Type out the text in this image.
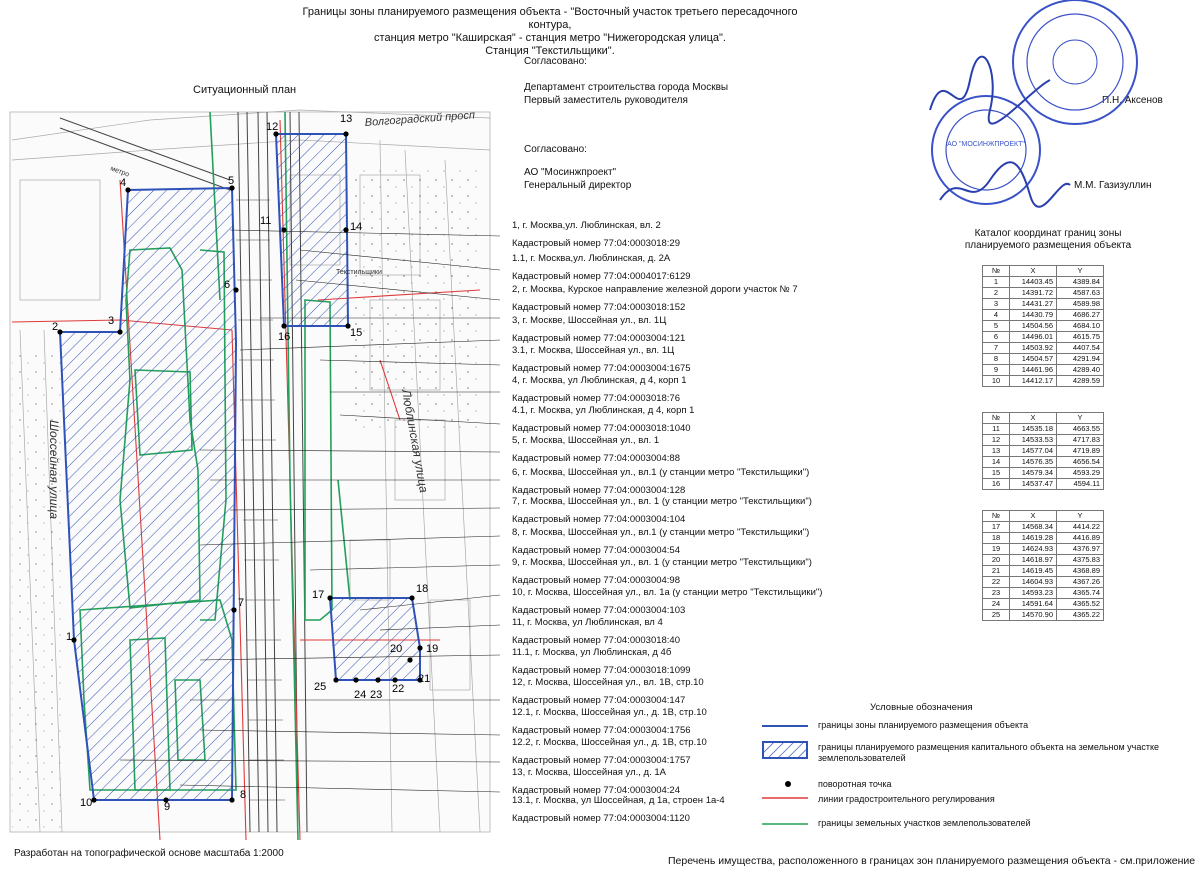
Границы зоны планируемого размещения объекта - "Восточный участок третьего пересадочного контура,
станция метро "Каширская" - станция метро "Нижегородская улица".
Станция "Текстильщики".
Ситуационный план
Волгоградский просп
Шоссейная улица	Люблинская улица
Текстильщики
метро
1
2	3
4	5
6
7
8
9
10
11
12
13
14
15
16
17	18
19
20
21
22
23
24
25
Согласовано:
Департамент строительства города Москвы
Первый заместитель руководителя	П.Н. Аксенов
Согласовано:
АО "Мосинжпроект"
Генеральный директор	М.М. Газизуллин
АО "МОСИНЖПРОЕКТ"
1, г. Москва,ул. Люблинская, вл. 2
Кадастровый номер 77:04:0003018:29
1.1, г. Москва,ул. Люблинская, д. 2А
Кадастровый номер 77:04:0004017:6129
2, г. Москва, Курское направление железной дороги участок № 7
Кадастровый номер 77:04:0003018:152
3, г. Москве, Шоссейная ул., вл. 1Ц
Кадастровый номер 77:04:0003004:121
3.1, г. Москва, Шоссейная ул., вл. 1Ц
Кадастровый номер 77:04:0003004:1675
4, г. Москва, ул Люблинская, д 4, корп 1
Кадастровый номер 77:04:0003018:76
4.1, г. Москва, ул Люблинская, д 4, корп 1
Кадастровый номер 77:04:0003018:1040
5, г. Москва, Шоссейная ул., вл. 1
Кадастровый номер 77:04:0003004:88
6, г. Москва, Шоссейная ул., вл.1 (у станции метро "Текстильщики")
Кадастровый номер 77:04:0003004:128
7, г. Москва, Шоссейная ул., вл. 1 (у станции метро "Текстильщики")
Кадастровый номер 77:04:0003004:104
8, г. Москва, Шоссейная ул., вл.1 (у станции метро "Текстильщики")
Кадастровый номер 77:04:0003004:54
9, г. Москва, Шоссейная ул., вл. 1 (у станции метро "Текстильщики")
Кадастровый номер 77:04:0003004:98
10, г. Москва, Шоссейная ул., вл. 1а (у станции метро "Текстильщики")
Кадастровый номер 77:04:0003004:103
11, г. Москва, ул Люблинская, вл 4
Кадастровый номер 77:04:0003018:40
11.1, г. Москва, ул Люблинская, д 4б
Кадастровый номер 77:04:0003018:1099
12, г. Москва, Шоссейная ул., вл. 1В, стр.10
Кадастровый номер 77:04:0003004:147
12.1, г. Москва, Шоссейная ул., д. 1В, стр.10
Кадастровый номер 77:04:0003004:1756
12.2, г. Москва, Шоссейная ул., д. 1В, стр.10
Кадастровый номер 77:04:0003004:1757
13, г. Москва, Шоссейная ул., д. 1А
Кадастровый номер 77:04:0003004:24
13.1, г. Москва, ул Шоссейная, д 1а, строен 1а-4
Кадастровый номер 77:04:0003004:1120
Каталог координат границ зоны
планируемого размещения объекта
№	X	Y
1	14403.45	4389.84
2	14391.72	4587.63
3	14431.27	4589.98
4	14430.79	4686.27
5	14504.56	4684.10
6	14496.01	4615.75
7	14503.92	4407.54
8	14504.57	4291.94
9	14461.96	4289.40
10	14412.17	4289.59
№	X	Y
11	14535.18	4663.55
12	14533.53	4717.83
13	14577.04	4719.89
14	14576.35	4656.54
15	14579.34	4593.29
16	14537.47	4594.11
№	X	Y
17	14568.34	4414.22
18	14619.28	4416.89
19	14624.93	4376.97
20	14618.97	4375.83
21	14619.45	4368.89
22	14604.93	4367.26
23	14593.23	4365.74
24	14591.64	4365.52
25	14570.90	4365.22
Условные обозначения
границы зоны планируемого размещения объекта
границы планируемого размещения капитального объекта на земельном участке
землепользователей
поворотная точка
линии градостроительного регулирования
границы земельных участков землепользователей
Разработан на топографической основе масштаба 1:2000
Перечень имущества, расположенного в границах зон планируемого размещения объекта - см.приложение
